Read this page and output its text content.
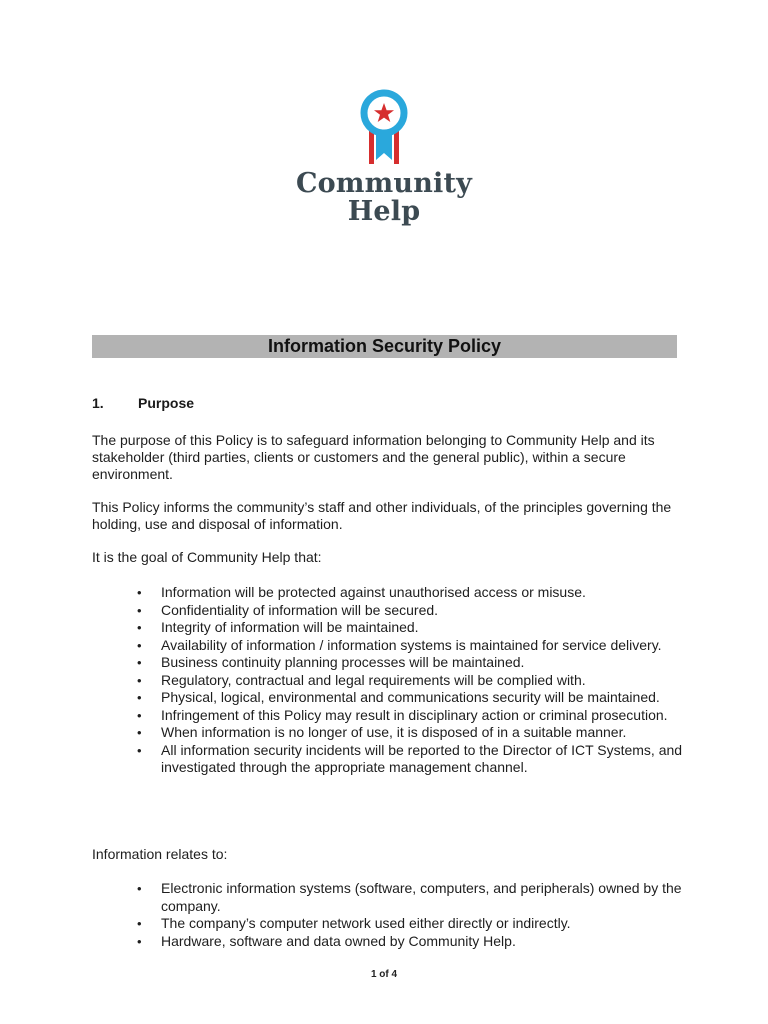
Community
Help
Information Security Policy
1. Purpose
The purpose of this Policy is to safeguard information belonging to Community Help and its stakeholder (third parties, clients or customers and the general public), within a secure environment.
This Policy informs the community’s staff and other individuals, of the principles governing the holding, use and disposal of information.
It is the goal of Community Help that:
• Information will be protected against unauthorised access or misuse.
• Confidentiality of information will be secured.
• Integrity of information will be maintained.
• Availability of information / information systems is maintained for service delivery.
• Business continuity planning processes will be maintained.
• Regulatory, contractual and legal requirements will be complied with.
• Physical, logical, environmental and communications security will be maintained.
• Infringement of this Policy may result in disciplinary action or criminal prosecution.
• When information is no longer of use, it is disposed of in a suitable manner.
• All information security incidents will be reported to the Director of ICT Systems, and investigated through the appropriate management channel.
Information relates to:
• Electronic information systems (software, computers, and peripherals) owned by the company.
• The company’s computer network used either directly or indirectly.
• Hardware, software and data owned by Community Help.
1 of 4
